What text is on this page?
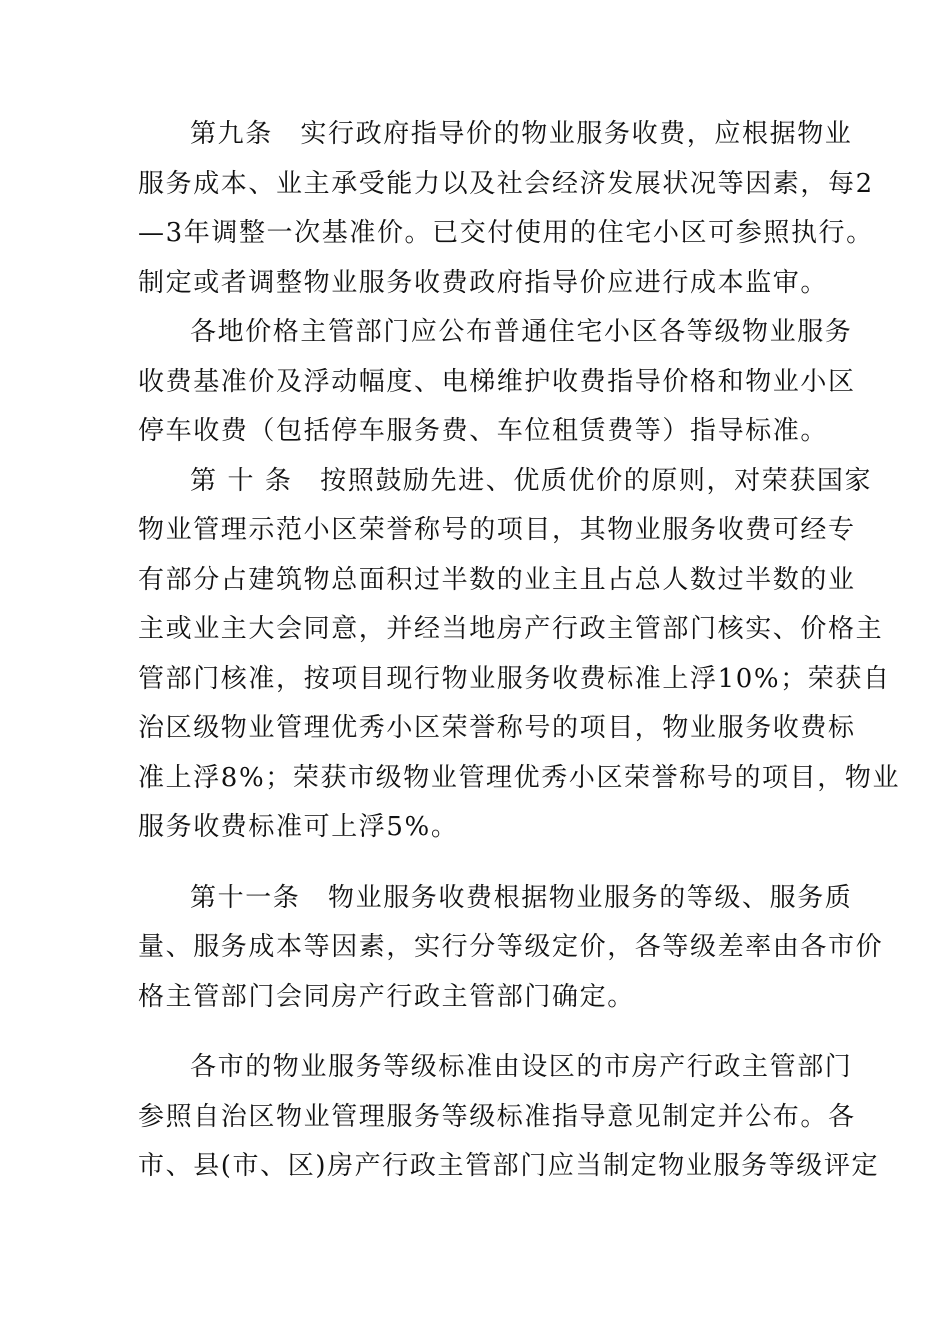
第九条　实行政府指导价的物业服务收费，应根据物业
服务成本、业主承受能力以及社会经济发展状况等因素，每2
—3年调整一次基准价。已交付使用的住宅小区可参照执行。
制定或者调整物业服务收费政府指导价应进行成本监审。
各地价格主管部门应公布普通住宅小区各等级物业服务
收费基准价及浮动幅度、电梯维护收费指导价格和物业小区
停车收费（包括停车服务费、车位租赁费等）指导标准。
第 十 条　按照鼓励先进、优质优价的原则，对荣获国家
物业管理示范小区荣誉称号的项目，其物业服务收费可经专
有部分占建筑物总面积过半数的业主且占总人数过半数的业
主或业主大会同意，并经当地房产行政主管部门核实、价格主
管部门核准，按项目现行物业服务收费标准上浮10%；荣获自
治区级物业管理优秀小区荣誉称号的项目，物业服务收费标
准上浮8%；荣获市级物业管理优秀小区荣誉称号的项目，物业
服务收费标准可上浮5%。
第十一条　物业服务收费根据物业服务的等级、服务质
量、服务成本等因素，实行分等级定价，各等级差率由各市价
格主管部门会同房产行政主管部门确定。
各市的物业服务等级标准由设区的市房产行政主管部门
参照自治区物业管理服务等级标准指导意见制定并公布。各
市、县(市、区)房产行政主管部门应当制定物业服务等级评定
